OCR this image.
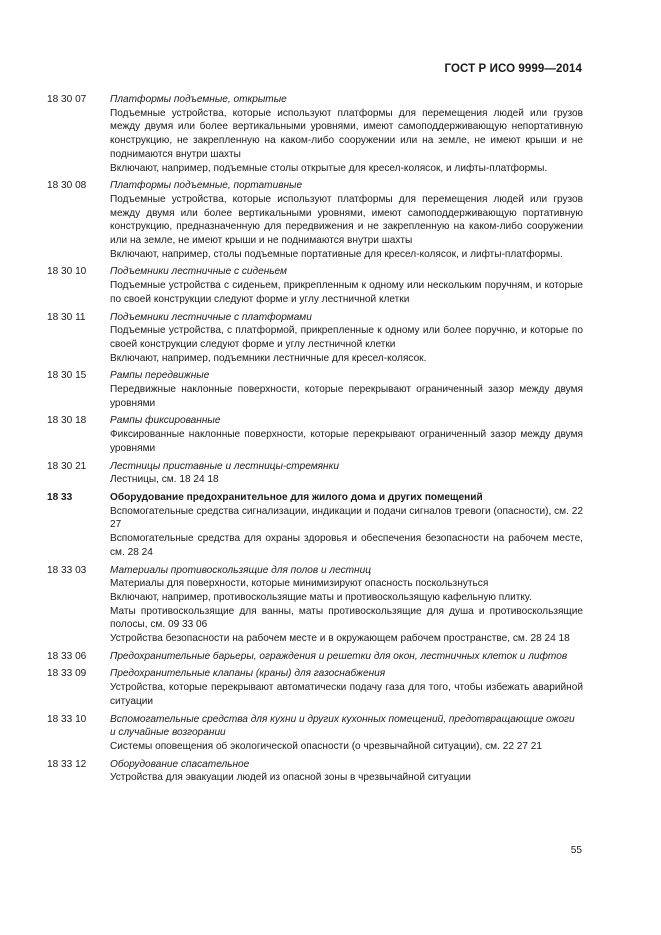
ГОСТ Р ИСО 9999—2014
18 30 07	Платформы подъемные, открытые
Подъемные устройства, которые используют платформы для перемещения людей или грузов между двумя или более вертикальными уровнями, имеют самоподдерживающую непортативную конструкцию, не закрепленную на каком-либо сооружении или на земле, не имеют крыши и не поднимаются внутри шахты
Включают, например, подъемные столы открытые для кресел-колясок, и лифты-платформы.
18 30 08	Платформы подъемные, портативные
Подъемные устройства, которые используют платформы для перемещения людей или грузов между двумя или более вертикальными уровнями, имеют самоподдерживающую портативную конструкцию, предназначенную для передвижения и не закрепленную на каком-либо сооружении или на земле, не имеют крыши и не поднимаются внутри шахты
Включают, например, столы подъемные портативные для кресел-колясок, и лифты-платформы.
18 30 10	Подъемники лестничные с сиденьем
Подъемные устройства с сиденьем, прикрепленным к одному или нескольким поручням, и которые по своей конструкции следуют форме и углу лестничной клетки
18 30 11	Подъемники лестничные с платформами
Подъемные устройства, с платформой, прикрепленные к одному или более поручню, и которые по своей конструкции следуют форме и углу лестничной клетки
Включают, например, подъемники лестничные для кресел-колясок.
18 30 15	Рампы передвижные
Передвижные наклонные поверхности, которые перекрывают ограниченный зазор между двумя уровнями
18 30 18	Рампы фиксированные
Фиксированные наклонные поверхности, которые перекрывают ограниченный зазор между двумя уровнями
18 30 21	Лестницы приставные и лестницы-стремянки
Лестницы, см. 18 24 18
18 33	Оборудование предохранительное для жилого дома и других помещений
Вспомогательные средства сигнализации, индикации и подачи сигналов тревоги (опасности), см. 22 27
Вспомогательные средства для охраны здоровья и обеспечения безопасности на рабочем месте, см. 28 24
18 33 03	Материалы противоскользящие для полов и лестниц
Материалы для поверхности, которые минимизируют опасность поскользнуться
Включают, например, противоскользящие маты и противоскользящую кафельную плитку.
Маты противоскользящие для ванны, маты противоскользящие для душа и противоскользящие полосы, см. 09 33 06
Устройства безопасности на рабочем месте и в окружающем рабочем пространстве, см. 28 24 18
18 33 06	Предохранительные барьеры, ограждения и решетки для окон, лестничных клеток и лифтов
18 33 09	Предохранительные клапаны (краны) для газоснабжения
Устройства, которые перекрывают автоматически подачу газа для того, чтобы избежать аварийной ситуации
18 33 10	Вспомогательные средства для кухни и других кухонных помещений, предотвращающие ожоги и случайные возгорании
Системы оповещения об экологической опасности (о чрезвычайной ситуации), см. 22 27 21
18 33 12	Оборудование спасательное
Устройства для эвакуации людей из опасной зоны в чрезвычайной ситуации
55
